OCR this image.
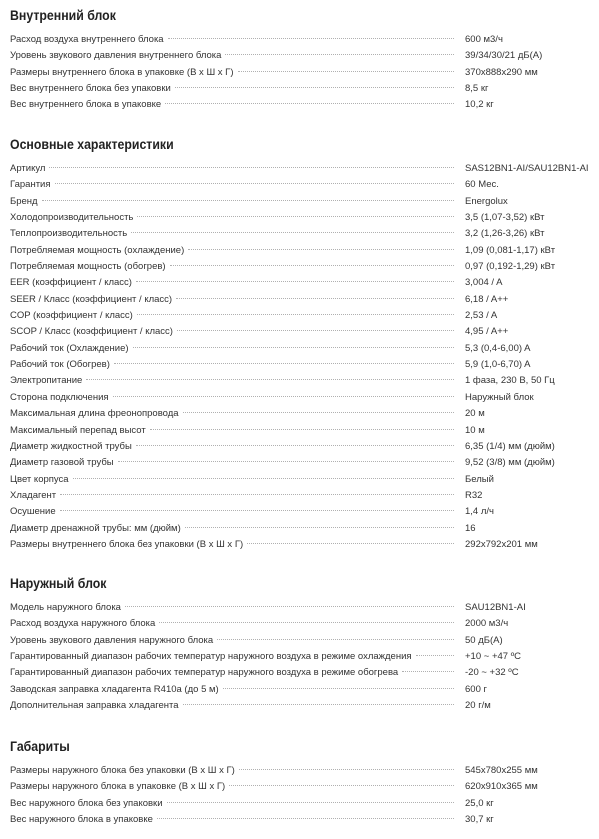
Внутренний блок
Расход воздуха внутреннего блока	600 м3/ч
Уровень звукового давления внутреннего блока	39/34/30/21 дБ(А)
Размеры внутреннего блока в упаковке (В х Ш х Г)	370х888х290 мм
Вес внутреннего блока без упаковки	8,5 кг
Вес внутреннего блока в упаковке	10,2 кг
Основные характеристики
Артикул	SAS12BN1-AI/SAU12BN1-AI
Гарантия	60 Мес.
Бренд	Energolux
Холодопроизводительность	3,5 (1,07-3,52) кВт
Теплопроизводительность	3,2 (1,26-3,26) кВт
Потребляемая мощность (охлаждение)	1,09 (0,081-1,17) кВт
Потребляемая мощность (обогрев)	0,97 (0,192-1,29) кВт
EER (коэффициент / класс)	3,004 / A
SEER / Класс (коэффициент / класс)	6,18 / A++
COP (коэффициент / класс)	2,53 / A
SCOP / Класс (коэффициент / класс)	4,95 / A++
Рабочий ток (Охлаждение)	5,3 (0,4-6,00) A
Рабочий ток (Обогрев)	5,9 (1,0-6,70) A
Электропитание	1 фаза, 230 В, 50 Гц
Сторона подключения	Наружный блок
Максимальная длина фреонопровода	20 м
Максимальный перепад высот	10 м
Диаметр жидкостной трубы	6,35 (1/4) мм (дюйм)
Диаметр газовой трубы	9,52 (3/8) мм (дюйм)
Цвет корпуса	Белый
Хладагент	R32
Осушение	1,4 л/ч
Диаметр дренажной трубы: мм (дюйм)	16
Размеры внутреннего блока без упаковки (В х Ш х Г)	292х792х201 мм
Наружный блок
Модель наружного блока	SAU12BN1-AI
Расход воздуха наружного блока	2000 м3/ч
Уровень звукового давления наружного блока	50 дБ(А)
Гарантированный диапазон рабочих температур наружного воздуха в режиме охлаждения	+10 ~ +47 ºC
Гарантированный диапазон рабочих температур наружного воздуха в режиме обогрева	-20 ~ +32 ºC
Заводская заправка хладагента R410a (до 5 м)	600 г
Дополнительная заправка хладагента	20 г/м
Габариты
Размеры наружного блока без упаковки (В х Ш х Г)	545х780х255 мм
Размеры наружного блока в упаковке (В х Ш х Г)	620х910х365 мм
Вес наружного блока без упаковки	25,0 кг
Вес наружного блока в упаковке	30,7 кг
